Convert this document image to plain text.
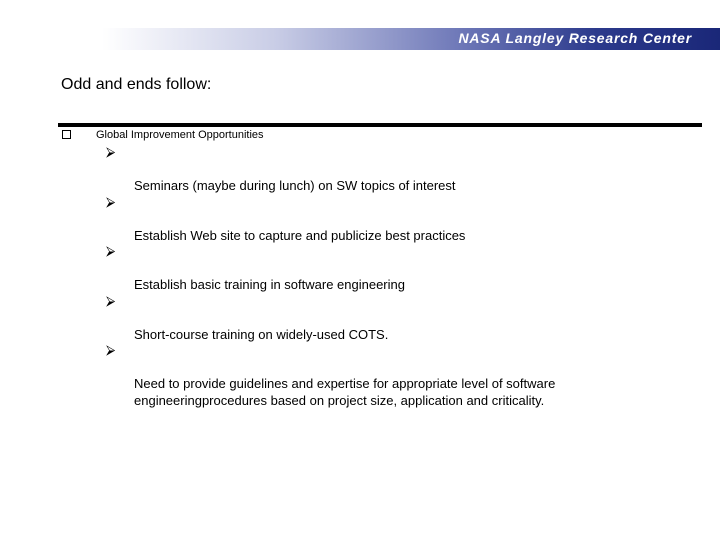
NASA Langley Research Center
Odd and ends follow:
Global Improvement Opportunities

⮚

Seminars (maybe during lunch) on SW topics of interest

⮚

Establish Web site to capture and publicize best practices

⮚

Establish basic training in software engineering

⮚

Short-course training on widely-used COTS.

⮚

Need to provide guidelines and expertise for appropriate level of software engineeringprocedures based on project size, application and criticality.
